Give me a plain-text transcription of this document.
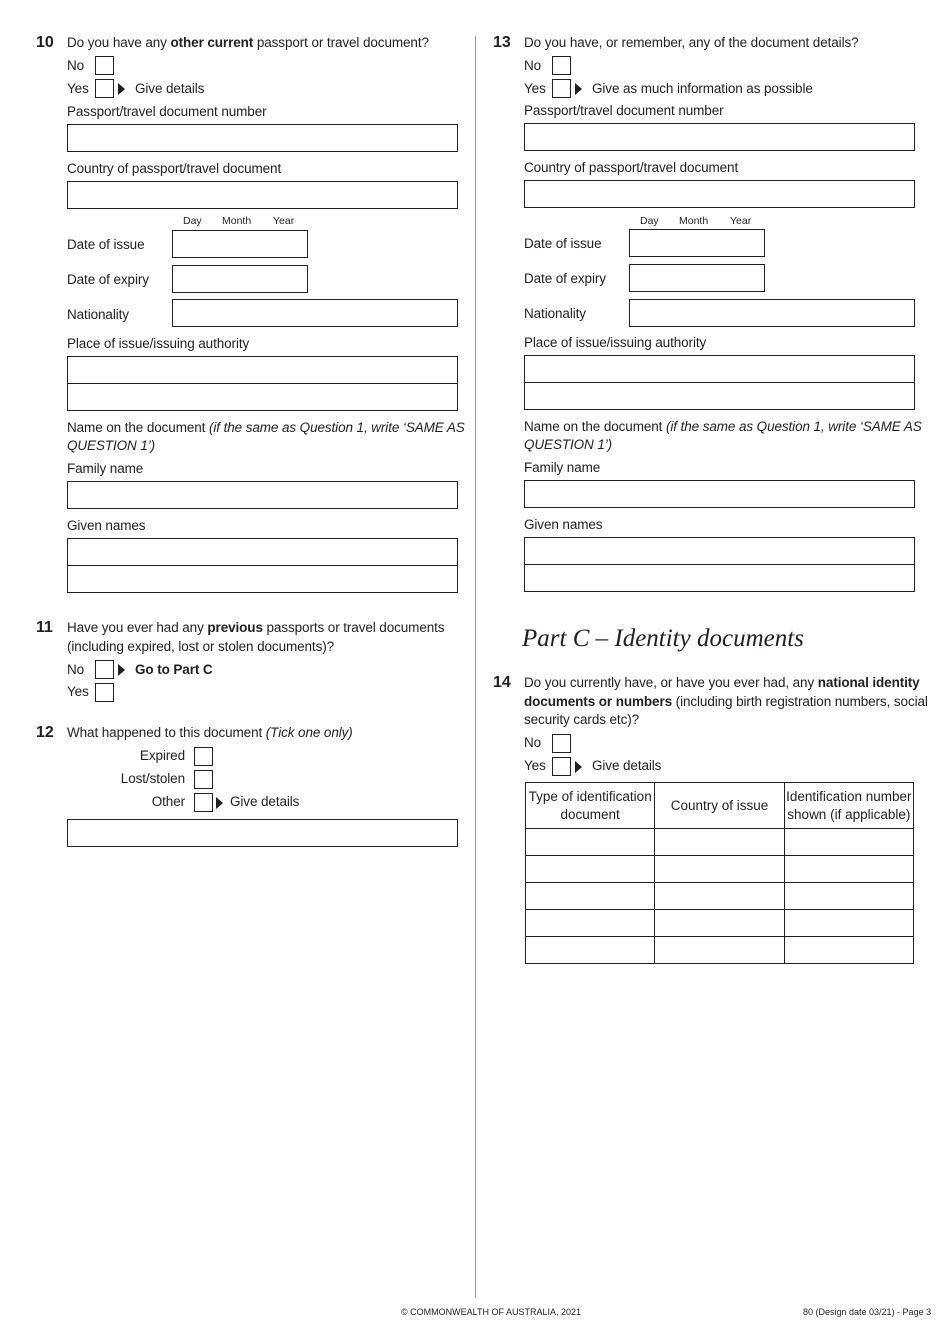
10 Do you have any other current passport or travel document?
No
Yes	Give details
Passport/travel document number
Country of passport/travel document
Day Month Year
Date of issue
Date of expiry
Nationality
Place of issue/issuing authority
Name on the document (if the same as Question 1, write ‘SAME AS
QUESTION 1’)
Family name
Given names
11 Have you ever had any previous passports or travel documents
(including expired, lost or stolen documents)?
No	Go to Part C
Yes
12 What happened to this document (Tick one only)
Expired
Lost/stolen
Other	Give details
13 Do you have, or remember, any of the document details?
No
Yes	Give as much information as possible
Passport/travel document number
Country of passport/travel document
Day Month Year
Date of issue
Date of expiry
Nationality
Place of issue/issuing authority
Name on the document (if the same as Question 1, write ‘SAME AS
QUESTION 1’)
Family name
Given names
Part C – Identity documents
14 Do you currently have, or have you ever had, any national identity
documents or numbers (including birth registration numbers, social
security cards etc)?
No
Yes	Give details
Type of identification document	Country of issue	Identification number shown (if applicable)

© COMMONWEALTH OF AUSTRALIA, 2021	80 (Design date 03/21) - Page 3
